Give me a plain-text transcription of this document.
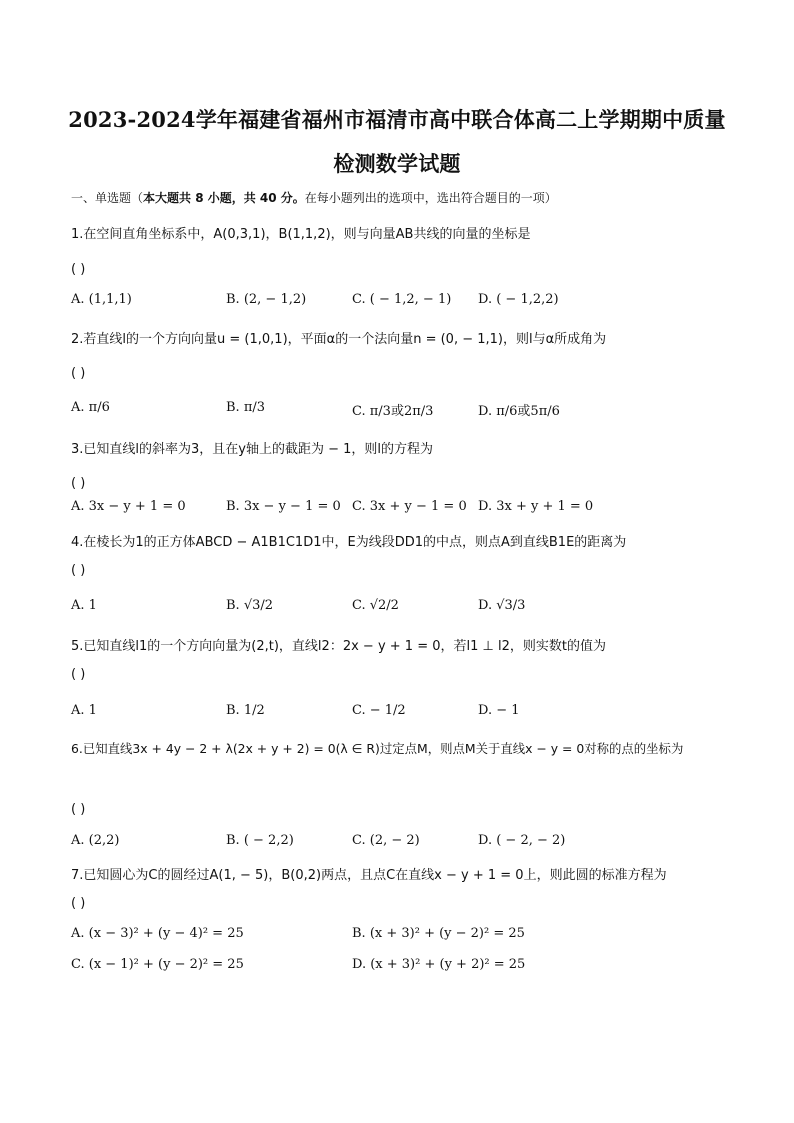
2023-2024学年福建省福州市福清市高中联合体高二上学期期中质量
检测数学试题
一、单选题（本大题共 8 小题，共 40 分。在每小题列出的选项中，选出符合题目的一项）
1.在空间直角坐标系中，A(0,3,1)，B(1,1,2)，则与向量AB共线的向量的坐标是
( )
A. (1,1,1)	B. (2, − 1,2)	C. ( − 1,2, − 1) D. ( − 1,2,2)
2.若直线l的一个方向向量u = (1,0,1)，平面α的一个法向量n = (0, − 1,1)，则l与α所成角为
( )
A. π/6	B. π/3	C. π/3或2π/3	D. π/6或5π/6
3.已知直线l的斜率为3，且在y轴上的截距为 − 1，则l的方程为
( )
A. 3x − y + 1 = 0	B. 3x − y − 1 = 0 C. 3x + y − 1 = 0 D. 3x + y + 1 = 0
4.在棱长为1的正方体ABCD − A1B1C1D1中，E为线段DD1的中点，则点A到直线B1E的距离为
( )
A. 1	B. √3/2	C. √2/2	D. √3/3
5.已知直线l1的一个方向向量为(2,t)，直线l2：2x − y + 1 = 0，若l1 ⊥ l2，则实数t的值为
( )
A. 1	B. 1/2	C. − 1/2	D. − 1
6.已知直线3x + 4y − 2 + λ(2x + y + 2) = 0(λ ∈ R)过定点M，则点M关于直线x − y = 0对称的点的坐标为
( )
A. (2,2)	B. ( − 2,2)	C. (2, − 2)	D. ( − 2, − 2)
7.已知圆心为C的圆经过A(1, − 5)，B(0,2)两点，且点C在直线x − y + 1 = 0上，则此圆的标准方程为
( )
A. (x − 3)² + (y − 4)² = 25	B. (x + 3)² + (y − 2)² = 25
C. (x − 1)² + (y − 2)² = 25	D. (x + 3)² + (y + 2)² = 25
